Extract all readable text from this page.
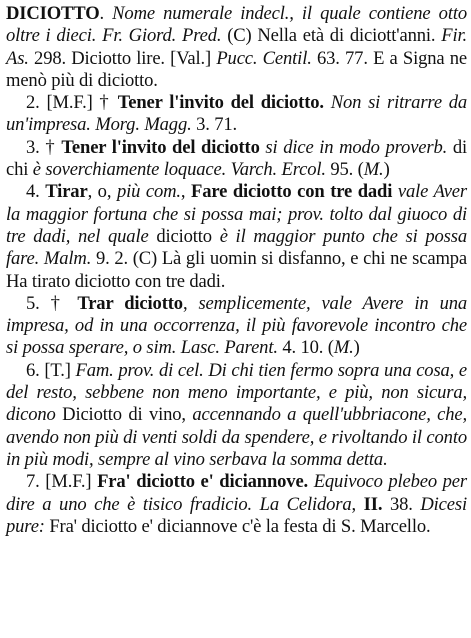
DICIOTTO. Nome numerale indecl., il quale contiene otto oltre i dieci. Fr. Giord. Pred. (C) Nella età di diciott'anni. Fir. As. 298. Diciotto lire. [Val.] Pucc. Centil. 63. 77. E a Signa ne menò più di diciotto.

2. [M.F.] † Tener l'invito del diciotto. Non si ritrarre da un'impresa. Morg. Magg. 3. 71.

3. † Tener l'invito del diciotto si dice in modo proverb. di chi è soverchiamente loquace. Varch. Ercol. 95. (M.)

4. Tirar, o, più com., Fare diciotto con tre dadi vale Aver la maggior fortuna che si possa mai; prov. tolto dal giuoco di tre dadi, nel quale diciotto è il maggior punto che si possa fare. Malm. 9. 2. (C) Là gli uomin si disfanno, e chi ne scampa Ha tirato diciotto con tre dadi.

5. † Trar diciotto, semplicemente, vale Avere in una impresa, od in una occorrenza, il più favorevole incontro che si possa sperare, o sim. Lasc. Parent. 4. 10. (M.)

6. [T.] Fam. prov. di cel. Di chi tien fermo sopra una cosa, e del resto, sebbene non meno importante, e più, non sicura, dicono Diciotto di vino, accennando a quell'ubbriacone, che, avendo non più di venti soldi da spendere, e rivoltando il conto in più modi, sempre al vino serbava la somma detta.

7. [M.F.] Fra' diciotto e' diciannove. Equivoco plebeo per dire a uno che è tisico fradicio. La Celidora, II. 38. Dicesi pure: Fra' diciotto e' diciannove c'è la festa di S. Marcello.
